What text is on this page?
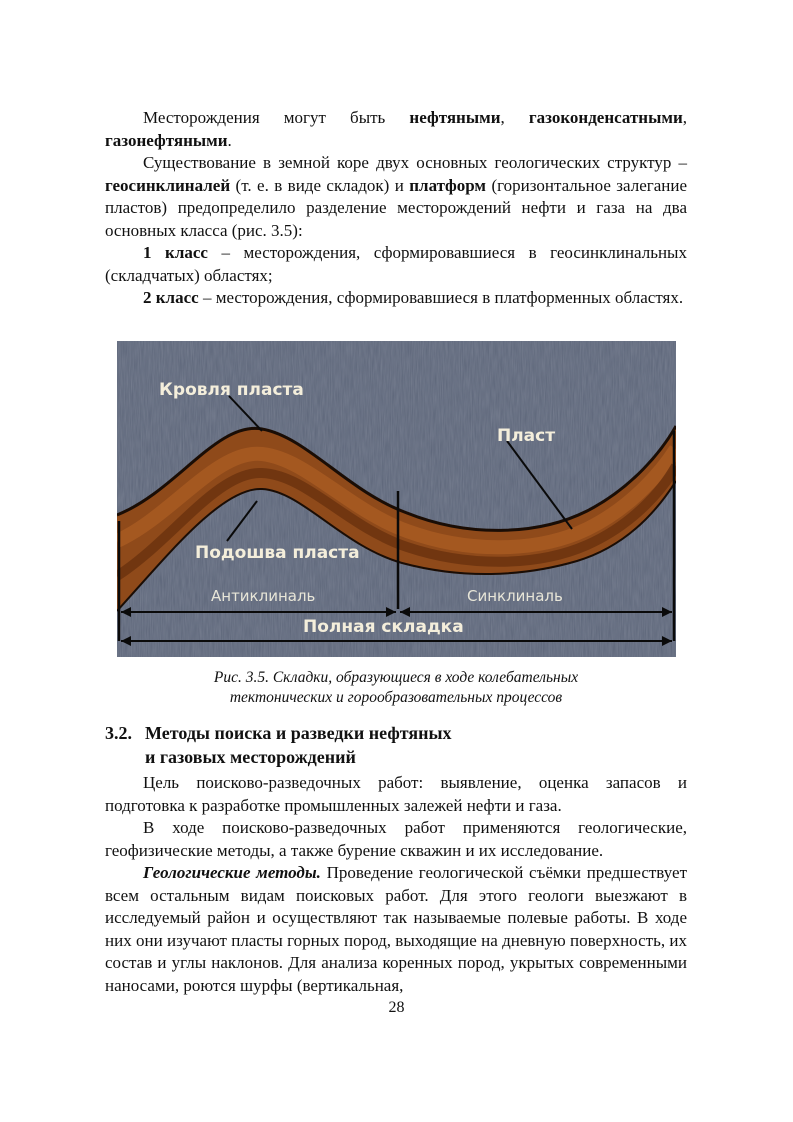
Месторождения могут быть нефтяными, газоконденсатными, газонефтяными.

Существование в земной коре двух основных геологических структур – геосинклиналей (т. е. в виде складок) и платформ (горизонтальное залегание пластов) предопределило разделение месторождений нефти и газа на два основных класса (рис. 3.5):

1 класс – месторождения, сформировавшиеся в геосинклинальных (складчатых) областях;

2 класс – месторождения, сформировавшиеся в платформенных областях.

Кровля пласта
Пласт
Подошва пласта
Антиклиналь	Синклиналь
Полная складка
Рис. 3.5. Складки, образующиеся в ходе колебательных
тектонических и горообразовательных процессов
3.2. Методы поиска и разведки нефтяных
и газовых месторождений

Цель поисково-разведочных работ: выявление, оценка запасов и подготовка к разработке промышленных залежей нефти и газа.

В ходе поисково-разведочных работ применяются геологические, геофизические методы, а также бурение скважин и их исследование.

Геологические методы. Проведение геологической съёмки предшествует всем остальным видам поисковых работ. Для этого геологи выезжают в исследуемый район и осуществляют так называемые полевые работы. В ходе них они изучают пласты горных пород, выходящие на дневную поверхность, их состав и углы наклонов. Для анализа коренных пород, укрытых современными наносами, роются шурфы (вертикальная,

28
